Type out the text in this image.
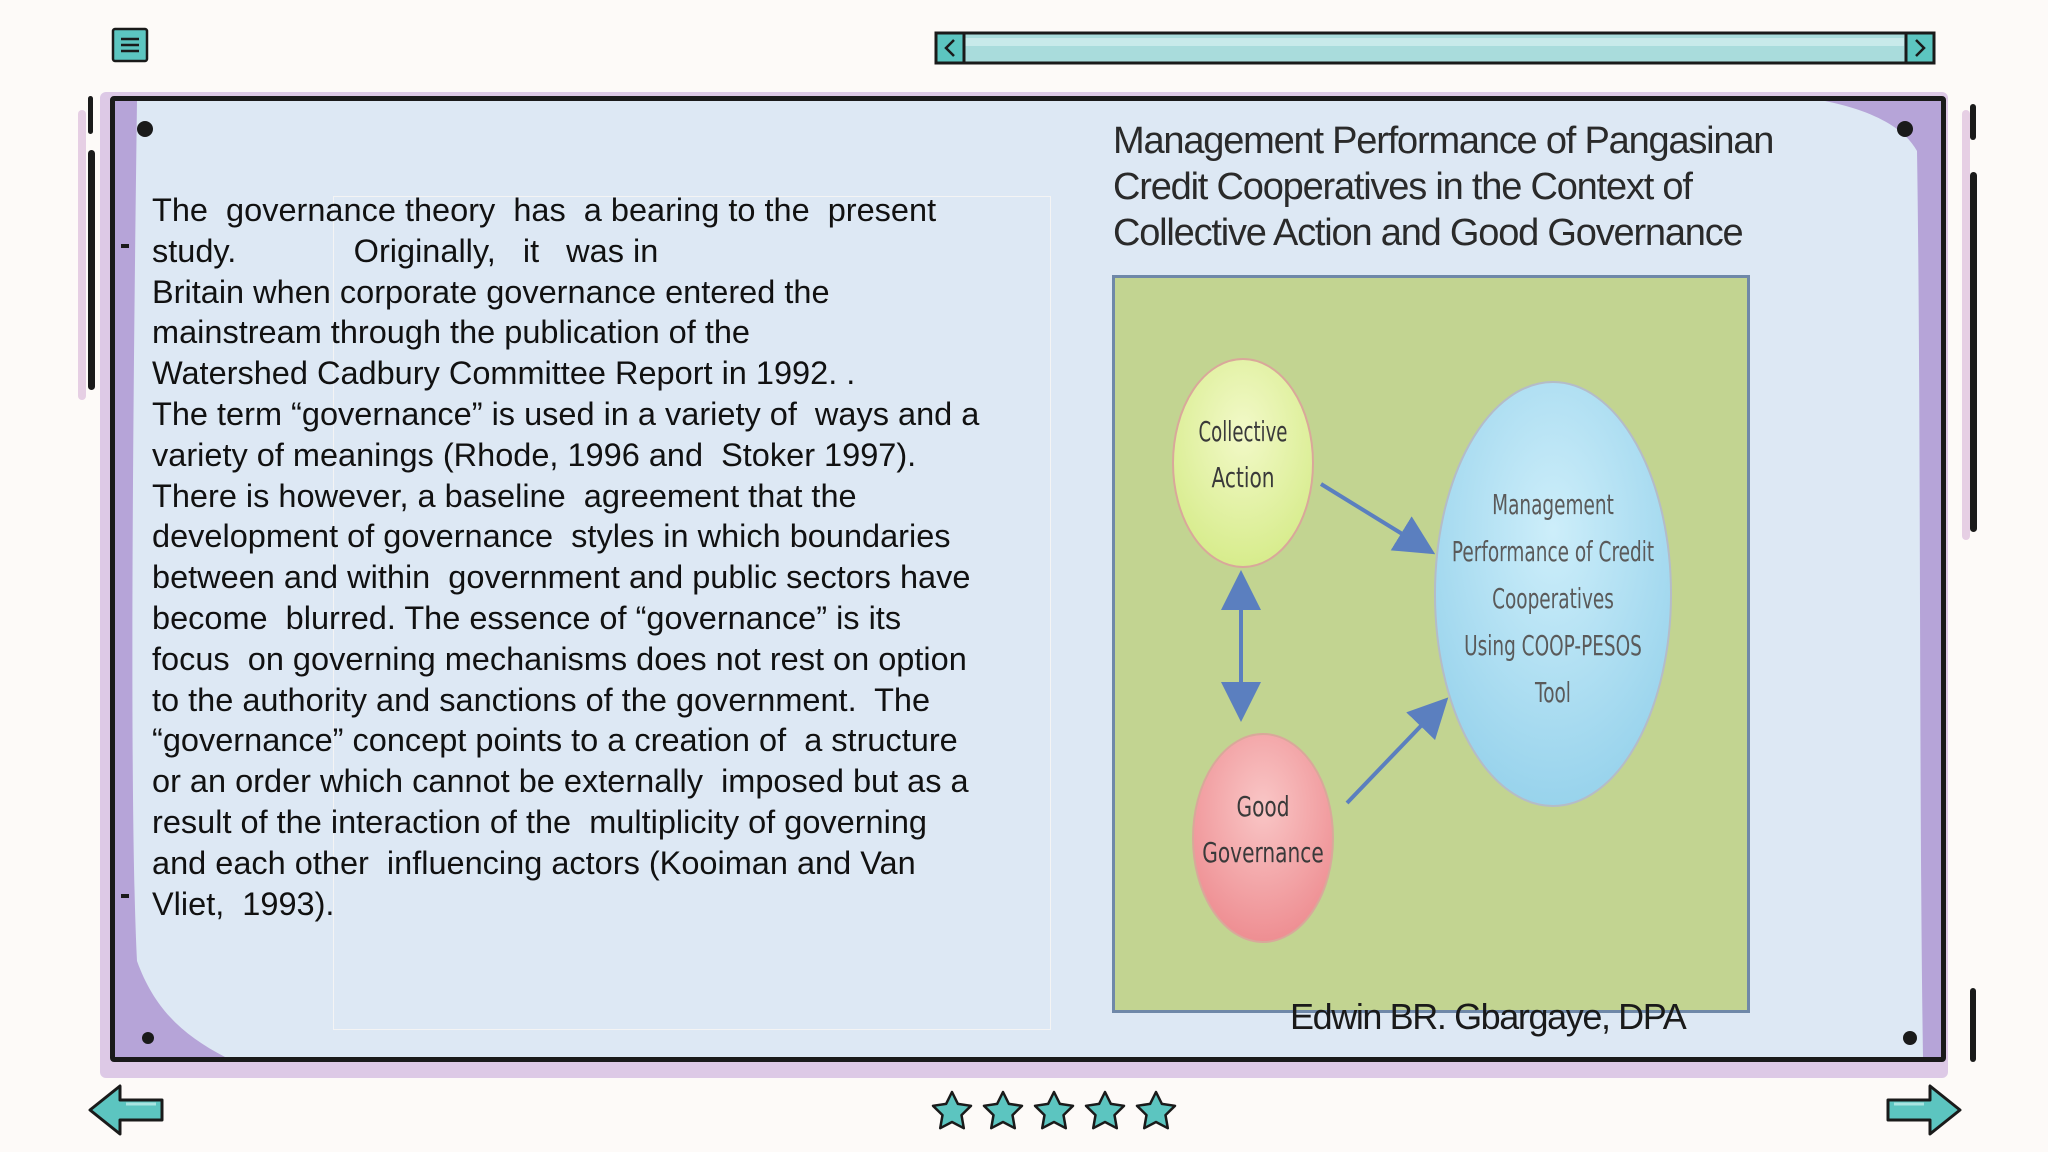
The  governance theory  has  a bearing to the  present
study.             Originally,   it   was in
Britain when corporate governance entered the
mainstream through the publication of the
Watershed Cadbury Committee Report in 1992. .
The term “governance” is used in a variety of  ways and a
variety of meanings (Rhode, 1996 and  Stoker 1997).
There is however, a baseline  agreement that the
development of governance  styles in which boundaries
between and within  government and public sectors have
become  blurred. The essence of “governance” is its
focus  on governing mechanisms does not rest on option
to the authority and sanctions of the government.  The
“governance” concept points to a creation of  a structure
or an order which cannot be externally  imposed but as a
result of the interaction of the  multiplicity of governing
and each other  influencing actors (Kooiman and Van
Vliet,  1993).

Management Performance of Pangasinan Credit Cooperatives in the Context of Collective Action and Good Governance

Collective
Action
Good
Governance
Management
Performance of Credit
Cooperatives
Using COOP-PESOS
Tool
Edwin BR. Gbargaye, DPA
